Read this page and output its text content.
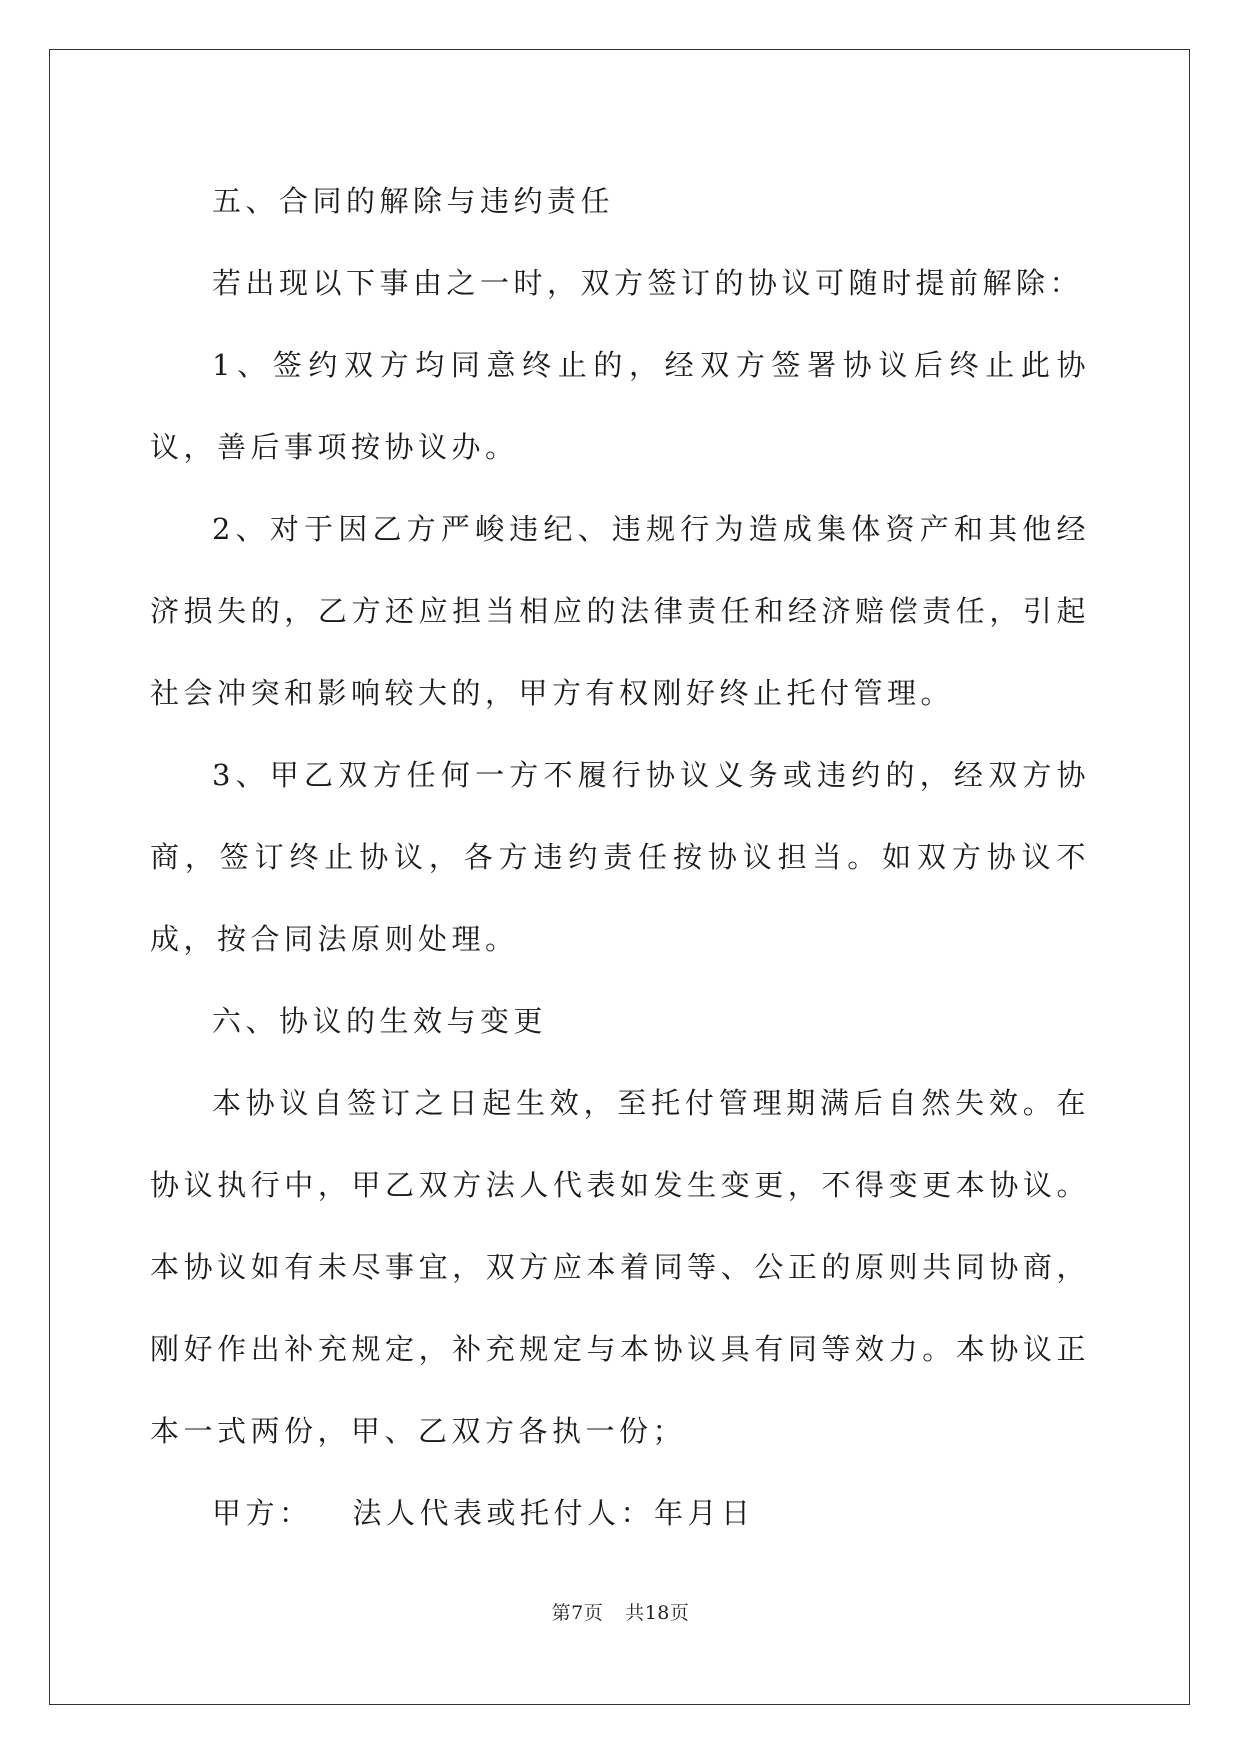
五、合同的解除与违约责任

若出现以下事由之一时，双方签订的协议可随时提前解除：

1、签约双方均同意终止的，经双方签署协议后终止此协议，善后事项按协议办。

2、对于因乙方严峻违纪、违规行为造成集体资产和其他经济损失的，乙方还应担当相应的法律责任和经济赔偿责任，引起社会冲突和影响较大的，甲方有权刚好终止托付管理。

3、甲乙双方任何一方不履行协议义务或违约的，经双方协商，签订终止协议，各方违约责任按协议担当。如双方协议不成，按合同法原则处理。

六、协议的生效与变更

本协议自签订之日起生效，至托付管理期满后自然失效。在协议执行中，甲乙双方法人代表如发生变更，不得变更本协议。本协议如有未尽事宜，双方应本着同等、公正的原则共同协商，刚好作出补充规定，补充规定与本协议具有同等效力。本协议正本一式两份，甲、乙双方各执一份；

甲方： 法人代表或托付人：年月日

第7页 共18页
